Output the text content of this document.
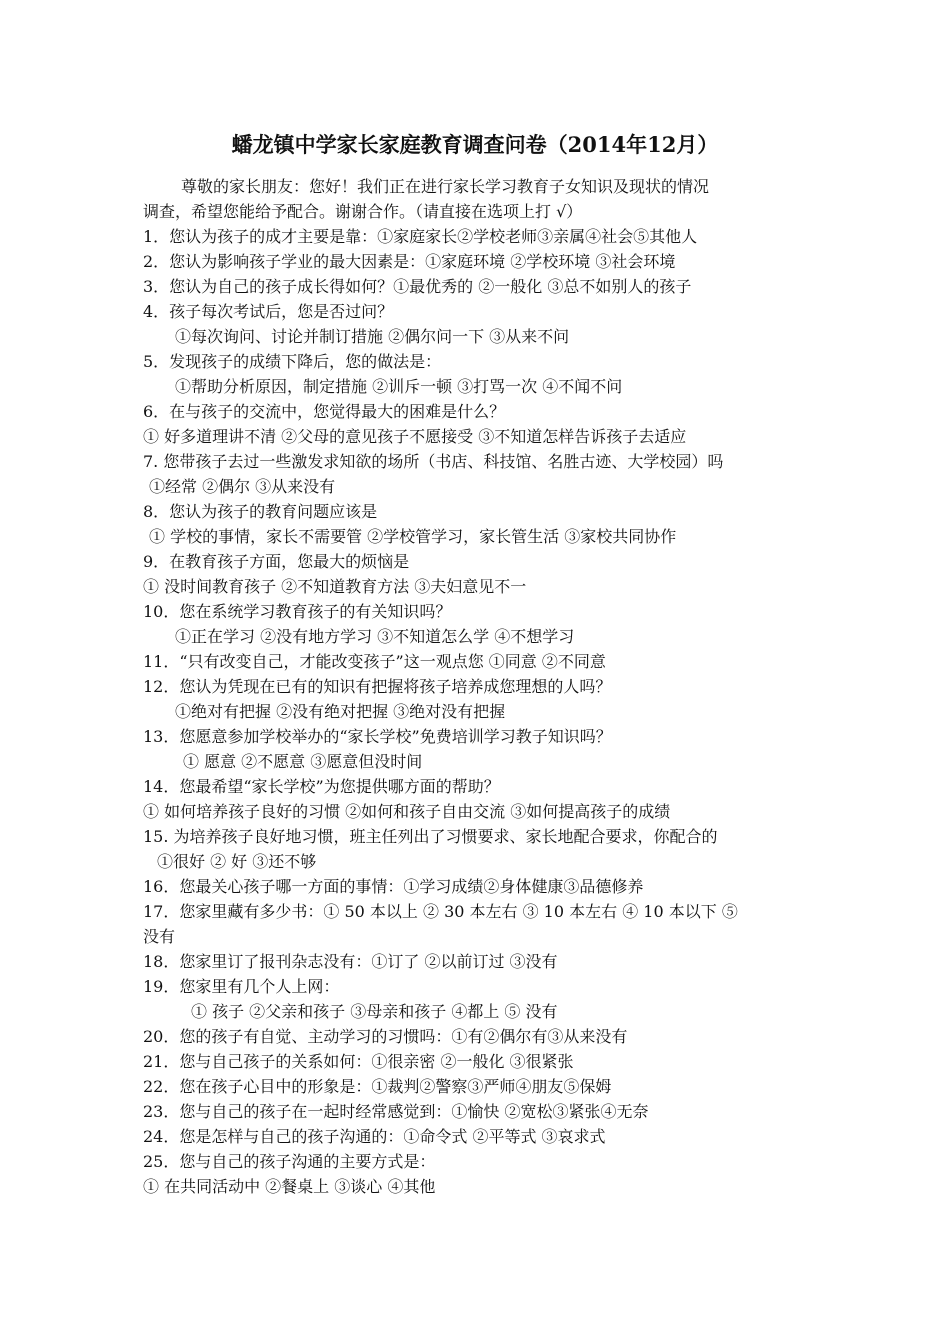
蟠龙镇中学家长家庭教育调查问卷（2014年12月）
尊敬的家长朋友：您好！我们正在进行家长学习教育子女知识及现状的情况
调查，希望您能给予配合。谢谢合作。（请直接在选项上打 √）
1．您认为孩子的成才主要是靠：①家庭家长②学校老师③亲属④社会⑤其他人
2．您认为影响孩子学业的最大因素是：①家庭环境 ②学校环境 ③社会环境
3．您认为自己的孩子成长得如何？①最优秀的 ②一般化 ③总不如别人的孩子
4．孩子每次考试后，您是否过问？
①每次询问、讨论并制订措施 ②偶尔问一下 ③从来不问
5．发现孩子的成绩下降后，您的做法是：
①帮助分析原因，制定措施 ②训斥一顿 ③打骂一次 ④不闻不问
6．在与孩子的交流中，您觉得最大的困难是什么？
① 好多道理讲不清 ②父母的意见孩子不愿接受 ③不知道怎样告诉孩子去适应
7. 您带孩子去过一些激发求知欲的场所（书店、科技馆、名胜古迹、大学校园）吗
①经常 ②偶尔 ③从来没有
8．您认为孩子的教育问题应该是
① 学校的事情，家长不需要管 ②学校管学习，家长管生活 ③家校共同协作
9．在教育孩子方面，您最大的烦恼是
① 没时间教育孩子 ②不知道教育方法 ③夫妇意见不一
10．您在系统学习教育孩子的有关知识吗？
①正在学习 ②没有地方学习 ③不知道怎么学 ④不想学习
11．“只有改变自己，才能改变孩子”这一观点您 ①同意 ②不同意
12．您认为凭现在已有的知识有把握将孩子培养成您理想的人吗？
①绝对有把握 ②没有绝对把握 ③绝对没有把握
13．您愿意参加学校举办的“家长学校”免费培训学习教子知识吗？
① 愿意 ②不愿意 ③愿意但没时间
14．您最希望“家长学校”为您提供哪方面的帮助？
① 如何培养孩子良好的习惯 ②如何和孩子自由交流 ③如何提高孩子的成绩
15. 为培养孩子良好地习惯，班主任列出了习惯要求、家长地配合要求，你配合的
①很好 ② 好 ③还不够
16．您最关心孩子哪一方面的事情：①学习成绩②身体健康③品德修养
17．您家里藏有多少书：① 50 本以上 ② 30 本左右 ③ 10 本左右 ④ 10 本以下 ⑤
没有
18．您家里订了报刊杂志没有：①订了 ②以前订过 ③没有
19．您家里有几个人上网：
① 孩子 ②父亲和孩子 ③母亲和孩子 ④都上 ⑤ 没有
20．您的孩子有自觉、主动学习的习惯吗：①有②偶尔有③从来没有
21．您与自己孩子的关系如何：①很亲密 ②一般化 ③很紧张
22．您在孩子心目中的形象是：①裁判②警察③严师④朋友⑤保姆
23．您与自己的孩子在一起时经常感觉到：①愉快 ②宽松③紧张④无奈
24．您是怎样与自己的孩子沟通的：①命令式 ②平等式 ③哀求式
25．您与自己的孩子沟通的主要方式是：
① 在共同活动中 ②餐桌上 ③谈心 ④其他
